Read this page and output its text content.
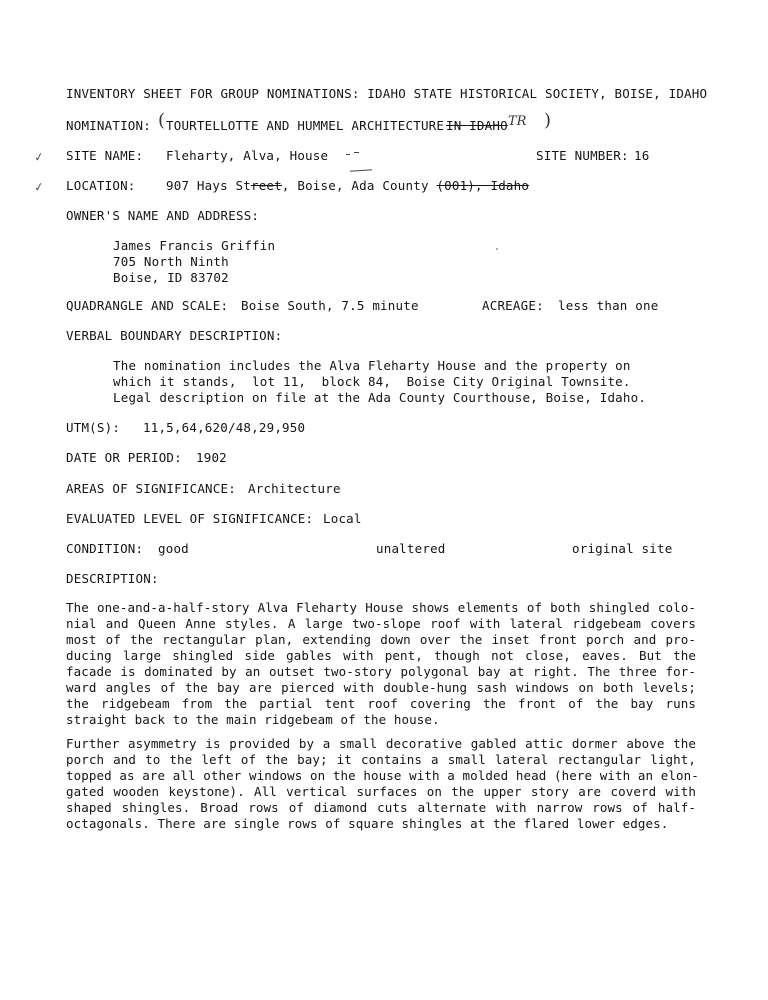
INVENTORY SHEET FOR GROUP NOMINATIONS: IDAHO STATE HISTORICAL SOCIETY, BOISE, IDAHO
NOMINATION: ( TOURTELLOTTE AND HUMMEL ARCHITECTURE IN IDAHO TR )
✓ SITE NAME: Fleharty, Alva, House	SITE NUMBER: 16
✓ LOCATION: 907 Hays Street, Boise, Ada County (001), Idaho
OWNER'S NAME AND ADDRESS:
James Francis Griffin
705 North Ninth
Boise, ID 83702
QUADRANGLE AND SCALE: Boise South, 7.5 minute	ACREAGE: less than one
VERBAL BOUNDARY DESCRIPTION:
The nomination includes the Alva Fleharty House and the property on
which it stands,  lot 11,  block 84,  Boise City Original Townsite.
Legal description on file at the Ada County Courthouse, Boise, Idaho.
UTM(S): 11,5,64,620/48,29,950
DATE OR PERIOD: 1902
AREAS OF SIGNIFICANCE: Architecture
EVALUATED LEVEL OF SIGNIFICANCE: Local
CONDITION: good	unaltered	original site
DESCRIPTION:
The one-and-a-half-story Alva Fleharty House shows elements of both shingled colo-
nial and Queen Anne styles. A large two-slope roof with lateral ridgebeam covers
most of the rectangular plan, extending down over the inset front porch and pro-
ducing large shingled side gables with pent, though not close, eaves. But the
facade is dominated by an outset two-story polygonal bay at right. The three for-
ward angles of the bay are pierced with double-hung sash windows on both levels;
the ridgebeam from the partial tent roof covering the front of the bay runs
straight back to the main ridgebeam of the house.
Further asymmetry is provided by a small decorative gabled attic dormer above the
porch and to the left of the bay; it contains a small lateral rectangular light,
topped as are all other windows on the house with a molded head (here with an elon-
gated wooden keystone). All vertical surfaces on the upper story are coverd with
shaped shingles. Broad rows of diamond cuts alternate with narrow rows of half-
octagonals. There are single rows of square shingles at the flared lower edges.
